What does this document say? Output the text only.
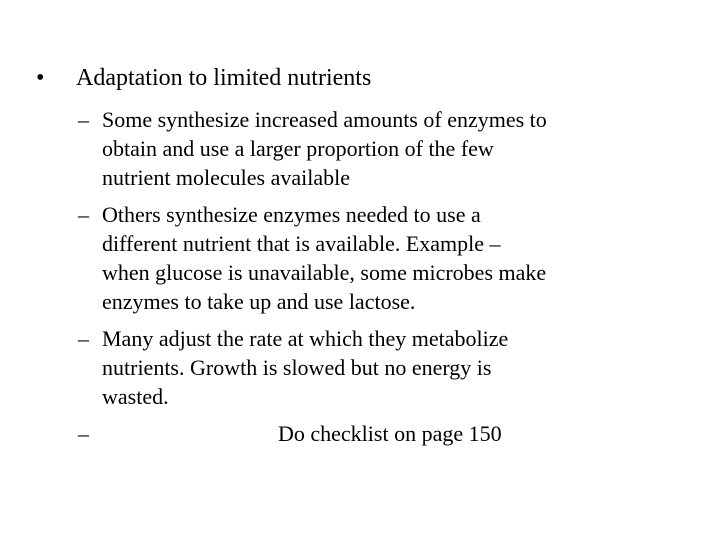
•	Adaptation to limited nutrients
– Some synthesize increased amounts of enzymes to
obtain and use a larger proportion of the few
nutrient molecules available
– Others synthesize enzymes needed to use a
different nutrient that is available. Example –
when glucose is unavailable, some microbes make
enzymes to take up and use lactose.
– Many adjust the rate at which they metabolize
nutrients. Growth is slowed but no energy is
wasted.
– Do checklist on page 150
